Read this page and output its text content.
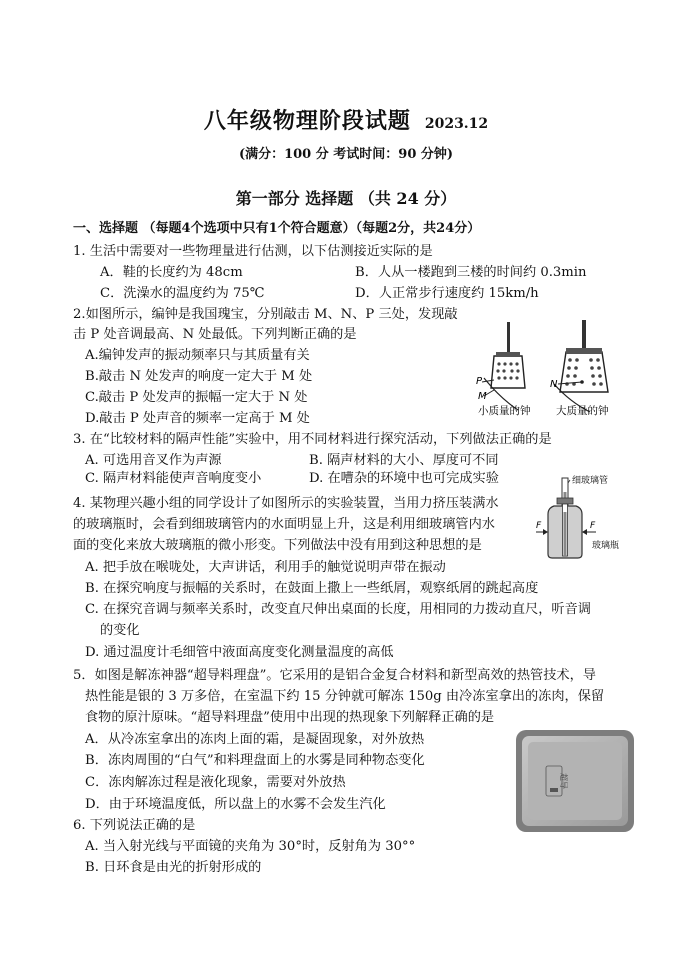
八年级物理阶段试题 2023.12
(满分：100 分 考试时间：90 分钟)
第一部分 选择题 （共 24 分）
一、选择题 （每题4个选项中只有1个符合题意）（每题2分，共24分）
1. 生活中需要对一些物理量进行估测，以下估测接近实际的是
A．鞋的长度约为 48cm	B．人从一楼跑到三楼的时间约 0.3min
C．洗澡水的温度约为 75℃	D．人正常步行速度约 15km/h
2.如图所示，编钟是我国瑰宝，分别敲击 M、N、P 三处，发现敲
击 P 处音调最高、N 处最低。下列判断正确的是
A.编钟发声的振动频率只与其质量有关
B.敲击 N 处发声的响度一定大于 M 处
C.敲击 P 处发声的振幅一定大于 N 处
D.敲击 P 处声音的频率一定高于 M 处
P
M
N
小质量的钟 大质量的钟
3. 在“比较材料的隔声性能”实验中，用不同材料进行探究活动，下列做法正确的是
A. 可选用音叉作为声源	B. 隔声材料的大小、厚度可不同
C. 隔声材料能使声音响度变小	D. 在嘈杂的环境中也可完成实验
4. 某物理兴趣小组的同学设计了如图所示的实验装置，当用力挤压装满水
的玻璃瓶时，会看到细玻璃管内的水面明显上升，这是利用细玻璃管内水
面的变化来放大玻璃瓶的微小形变。下列做法中没有用到这种思想的是
A. 把手放在喉咙处，大声讲话，利用手的触觉说明声带在振动
B. 在探究响度与振幅的关系时，在鼓面上撒上一些纸屑，观察纸屑的跳起高度
C. 在探究音调与频率关系时，改变直尺伸出桌面的长度，用相同的力拨动直尺，听音调
的变化
D. 通过温度计毛细管中液面高度变化测量温度的高低
细玻璃管
F	F
玻璃瓶
5．如图是解冻神器“超导料理盘”。它采用的是铝合金复合材料和新型高效的热管技术，导
热性能是银的 3 万多倍，在室温下约 15 分钟就可解冻 150g 由冷冻室拿出的冻肉，保留
食物的原汁原味。“超导料理盘”使用中出现的热现象下列解释正确的是
A．从冷冻室拿出的冻肉上面的霜，是凝固现象，对外放热
B．冻肉周围的“白气”和料理盘面上的水雾是同种物态变化
C．冻肉解冻过程是液化现象，需要对外放热
D．由于环境温度低，所以盘上的水雾不会发生汽化
超导
6. 下列说法正确的是
A. 当入射光线与平面镜的夹角为 30°时，反射角为 30°°
B. 日环食是由光的折射形成的
